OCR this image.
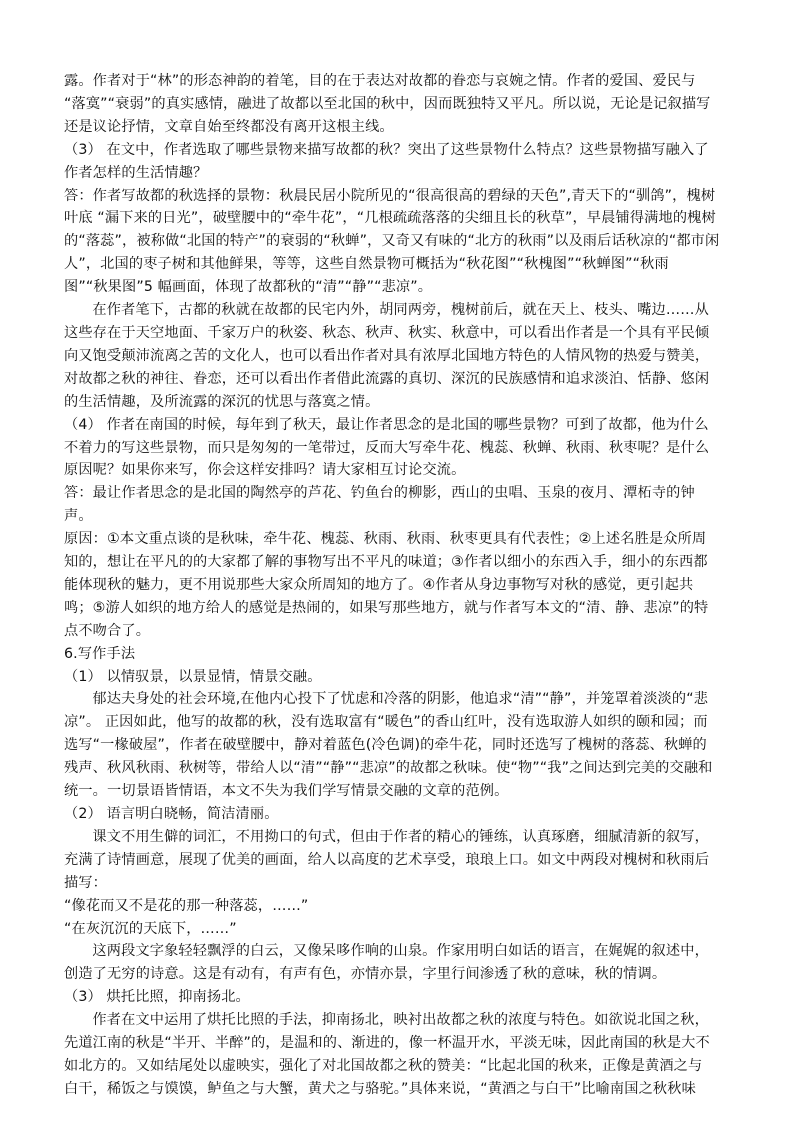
露。作者对于“林”的形态神韵的着笔，目的在于表达对故都的眷恋与哀婉之情。作者的爱国、爱民与

“落寞”“衰弱”的真实感情，融进了故都以至北国的秋中，因而既独特又平凡。所以说，无论是记叙描写

还是议论抒情，文章自始至终都没有离开这根主线。

（3） 在文中，作者选取了哪些景物来描写故都的秋？突出了这些景物什么特点？这些景物描写融入了

作者怎样的生活情趣？

答：作者写故都的秋选择的景物：秋晨民居小院所见的“很高很高的碧绿的天色”,青天下的“驯鸽”，槐树

叶底 “漏下来的日光”，破壁腰中的“牵牛花”，“几根疏疏落落的尖细且长的秋草”，早晨铺得满地的槐树

的“落蕊”，被称做“北国的特产”的衰弱的“秋蝉”，又奇又有味的“北方的秋雨”以及雨后话秋凉的“都市闲

人”，北国的枣子树和其他鲜果，等等，这些自然景物可概括为“秋花图”“秋槐图”“秋蝉图”“秋雨

图”“秋果图”5 幅画面，体现了故都秋的“清”“静”“悲凉”。

在作者笔下，古都的秋就在故都的民宅内外，胡同两旁，槐树前后，就在天上、枝头、嘴边……从

这些存在于天空地面、千家万户的秋姿、秋态、秋声、秋实、秋意中，可以看出作者是一个具有平民倾

向又饱受颠沛流离之苦的文化人，也可以看出作者对具有浓厚北国地方特色的人情风物的热爱与赞美，

对故都之秋的神往、眷恋，还可以看出作者借此流露的真切、深沉的民族感情和追求淡泊、恬静、悠闲

的生活情趣，及所流露的深沉的忧思与落寞之情。

（4） 作者在南国的时候，每年到了秋天，最让作者思念的是北国的哪些景物？可到了故都，他为什么

不着力的写这些景物，而只是匆匆的一笔带过，反而大写牵牛花、槐蕊、秋蝉、秋雨、秋枣呢？是什么

原因呢？如果你来写，你会这样安排吗？请大家相互讨论交流。

答：最让作者思念的是北国的陶然亭的芦花、钓鱼台的柳影，西山的虫唱、玉泉的夜月、潭柘寺的钟

声。

原因：①本文重点谈的是秋味，牵牛花、槐蕊、秋雨、秋雨、秋枣更具有代表性；②上述名胜是众所周

知的，想让在平凡的的大家都了解的事物写出不平凡的味道；③作者以细小的东西入手，细小的东西都

能体现秋的魅力，更不用说那些大家众所周知的地方了。④作者从身边事物写对秋的感觉，更引起共

鸣；⑤游人如织的地方给人的感觉是热闹的，如果写那些地方，就与作者写本文的“清、静、悲凉”的特

点不吻合了。

6.写作手法

（1） 以情驭景，以景显情，情景交融。

郁达夫身处的社会环境,在他内心投下了忧虑和冷落的阴影，他追求“清”“静”，并笼罩着淡淡的“悲

凉”。 正因如此，他写的故都的秋，没有选取富有“暖色”的香山红叶，没有选取游人如织的颐和园；而

选写“一椽破屋”，作者在破壁腰中，静对着蓝色(冷色调)的牵牛花，同时还选写了槐树的落蕊、秋蝉的

残声、秋风秋雨、秋树等，带给人以“清”“静”“悲凉”的故都之秋味。使“物”“我”之间达到完美的交融和

统一。一切景语皆情语，本文不失为我们学写情景交融的文章的范例。

（2） 语言明白晓畅，简洁清丽。

课文不用生僻的词汇，不用拗口的句式，但由于作者的精心的锤练，认真琢磨，细腻清新的叙写，

充满了诗情画意，展现了优美的画面，给人以高度的艺术享受，琅琅上口。如文中两段对槐树和秋雨后

描写：

“像花而又不是花的那一种落蕊，……”

“在灰沉沉的天底下，……”

这两段文字象轻轻飘浮的白云，又像呆哆作响的山泉。作家用明白如话的语言，在娓娓的叙述中，

创造了无穷的诗意。这是有动有，有声有色，亦情亦景，字里行间渗透了秋的意味，秋的情调。

（3） 烘托比照，抑南扬北。

作者在文中运用了烘托比照的手法，抑南扬北，映衬出故都之秋的浓度与特色。如欲说北国之秋，

先道江南的秋是“半开、半醉”的，是温和的、渐进的，像一杯温开水，平淡无味，因此南国的秋是大不

如北方的。又如结尾处以虚映实，强化了对北国故都之秋的赞美：“比起北国的秋来，正像是黄酒之与

白干，稀饭之与馍馍，鲈鱼之与大蟹，黄犬之与骆驼。”具体来说，“黄酒之与白干”比喻南国之秋秋味
